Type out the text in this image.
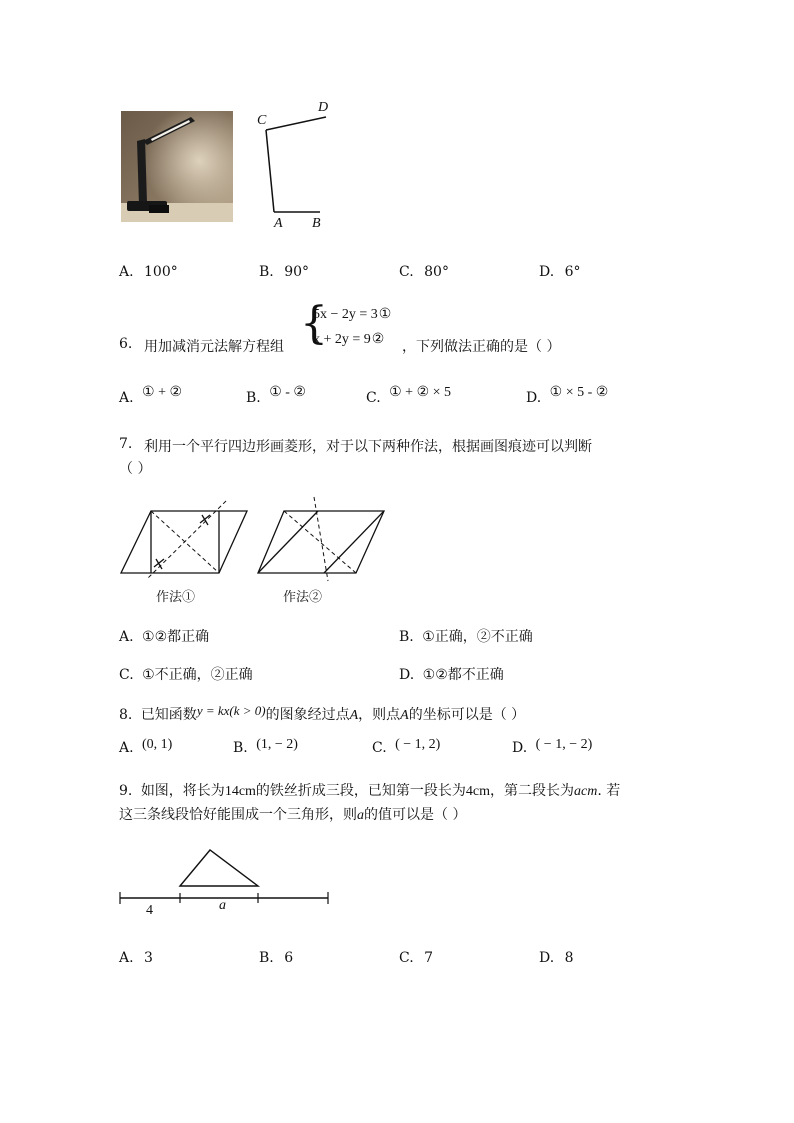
C
D
A B
A. 100°	B. 90°	C. 80°	D. 6°
6. 用加减消元法解方程组 {
5x − 2y = 3①
x + 2y = 9② ，下列做法正确的是（ ）
A. ① + ②	B. ① - ②	C. ① + ② × 5	D. ① × 5 - ②
7. 利用一个平行四边形画菱形，对于以下两种作法，根据画图痕迹可以判断
（ ）
作法①	作法②
A. ①②都正确	B. ①正确，②不正确
C. ①不正确，②正确	D. ①②都不正确
8. 已知函数y = kx(k > 0)的图象经过点A，则点A的坐标可以是（ ）
A. (0, 1)	B. (1, − 2)	C. ( − 1, 2)	D. ( − 1, − 2)
9. 如图，将长为14cm的铁丝折成三段，已知第一段长为4cm，第二段长为acm. 若
这三条线段恰好能围成一个三角形，则a的值可以是（ ）
4	a
A. 3	B. 6	C. 7	D. 8
